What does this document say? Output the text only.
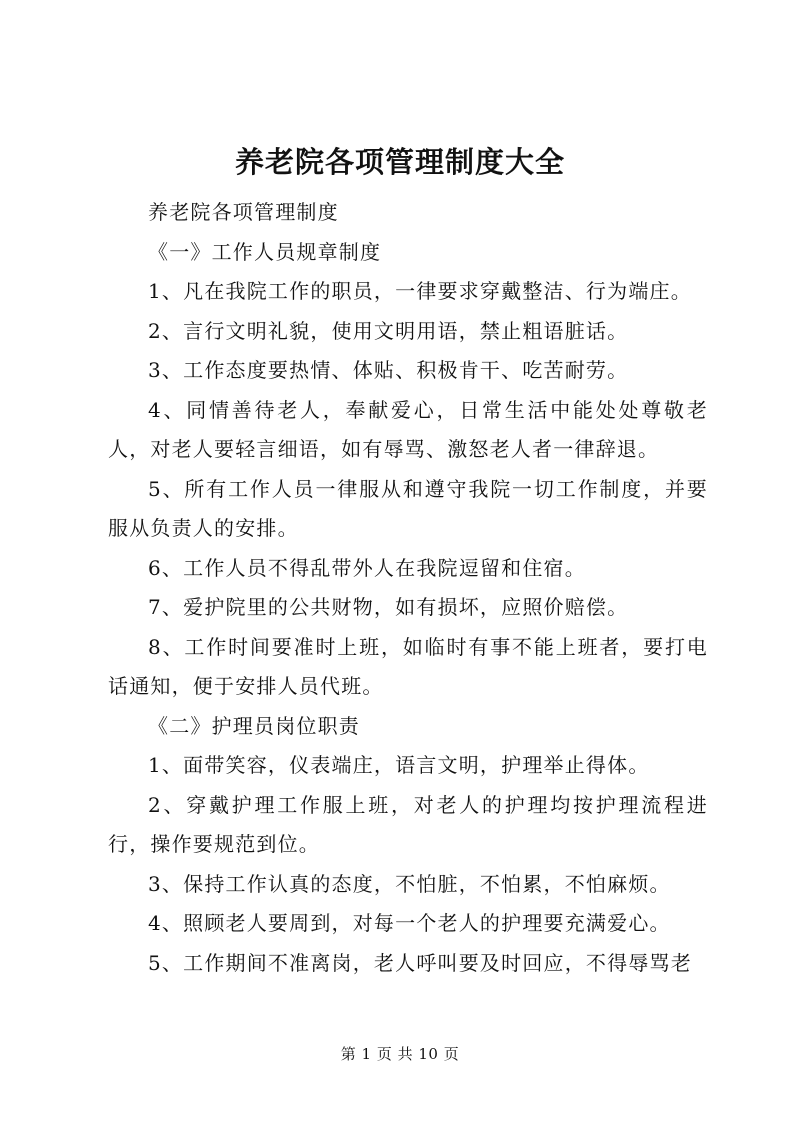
养老院各项管理制度大全

养老院各项管理制度

《一》工作人员规章制度

1、凡在我院工作的职员，一律要求穿戴整洁、行为端庄。

2、言行文明礼貌，使用文明用语，禁止粗语脏话。

3、工作态度要热情、体贴、积极肯干、吃苦耐劳。

4、同情善待老人，奉献爱心，日常生活中能处处尊敬老人，对老人要轻言细语，如有辱骂、激怒老人者一律辞退。

5、所有工作人员一律服从和遵守我院一切工作制度，并要服从负责人的安排。

6、工作人员不得乱带外人在我院逗留和住宿。

7、爱护院里的公共财物，如有损坏，应照价赔偿。

8、工作时间要准时上班，如临时有事不能上班者，要打电话通知，便于安排人员代班。

《二》护理员岗位职责

1、面带笑容，仪表端庄，语言文明，护理举止得体。

2、穿戴护理工作服上班，对老人的护理均按护理流程进行，操作要规范到位。

3、保持工作认真的态度，不怕脏，不怕累，不怕麻烦。

4、照顾老人要周到，对每一个老人的护理要充满爱心。

5、工作期间不准离岗，老人呼叫要及时回应，不得辱骂老

第 1 页 共 10 页
